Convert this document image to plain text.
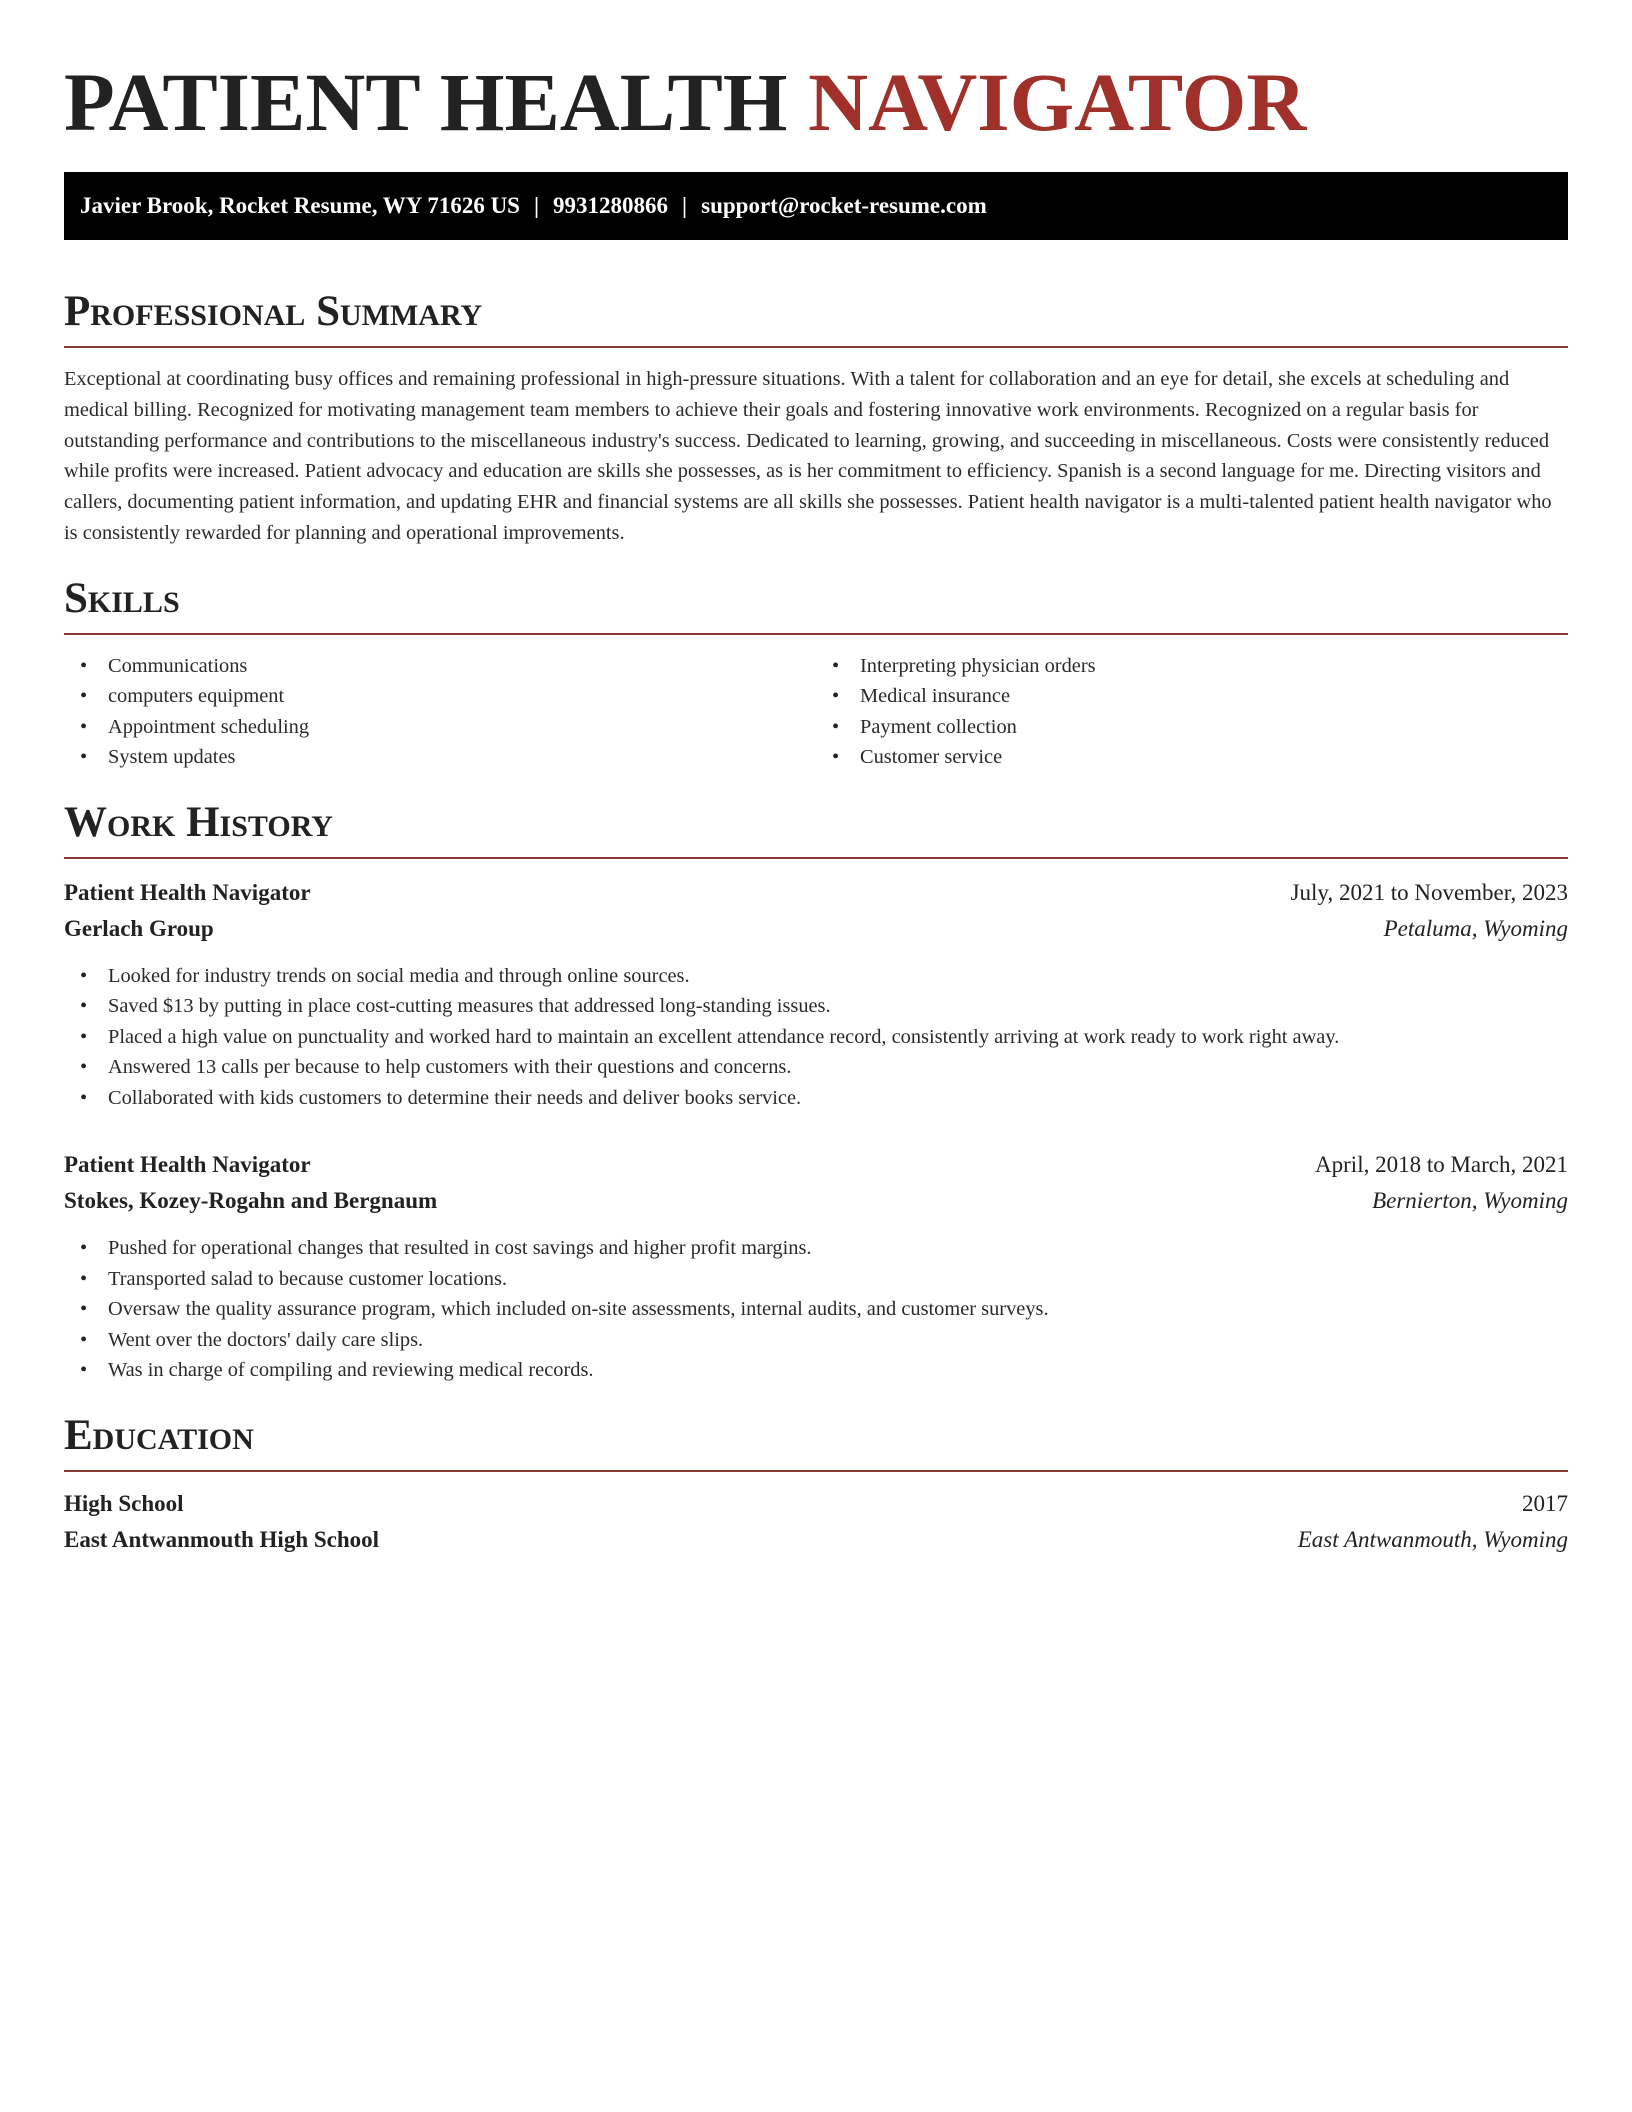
PATIENT HEALTH NAVIGATOR
Javier Brook, Rocket Resume, WY 71626 US | 9931280866 | support@rocket-resume.com
Professional Summary

Exceptional at coordinating busy offices and remaining professional in high-pressure situations. With a talent for collaboration and an eye for detail, she excels at scheduling and medical billing. Recognized for motivating management team members to achieve their goals and fostering innovative work environments. Recognized on a regular basis for outstanding performance and contributions to the miscellaneous industry's success. Dedicated to learning, growing, and succeeding in miscellaneous. Costs were consistently reduced while profits were increased. Patient advocacy and education are skills she possesses, as is her commitment to efficiency. Spanish is a second language for me. Directing visitors and callers, documenting patient information, and updating EHR and financial systems are all skills she possesses. Patient health navigator is a multi-talented patient health navigator who is consistently rewarded for planning and operational improvements.

Skills
• Communications
• computers equipment
• Appointment scheduling
• System updates
• Interpreting physician orders
• Medical insurance
• Payment collection
• Customer service
Work History
Patient Health Navigator	July, 2021 to November, 2023
Gerlach Group	Petaluma, Wyoming
• Looked for industry trends on social media and through online sources.
• Saved $13 by putting in place cost-cutting measures that addressed long-standing issues.
• Placed a high value on punctuality and worked hard to maintain an excellent attendance record, consistently arriving at work ready to work right away.
• Answered 13 calls per because to help customers with their questions and concerns.
• Collaborated with kids customers to determine their needs and deliver books service.
Patient Health Navigator	April, 2018 to March, 2021
Stokes, Kozey-Rogahn and Bergnaum	Bernierton, Wyoming
• Pushed for operational changes that resulted in cost savings and higher profit margins.
• Transported salad to because customer locations.
• Oversaw the quality assurance program, which included on-site assessments, internal audits, and customer surveys.
• Went over the doctors' daily care slips.
• Was in charge of compiling and reviewing medical records.
Education
High School	2017
East Antwanmouth High School	East Antwanmouth, Wyoming
